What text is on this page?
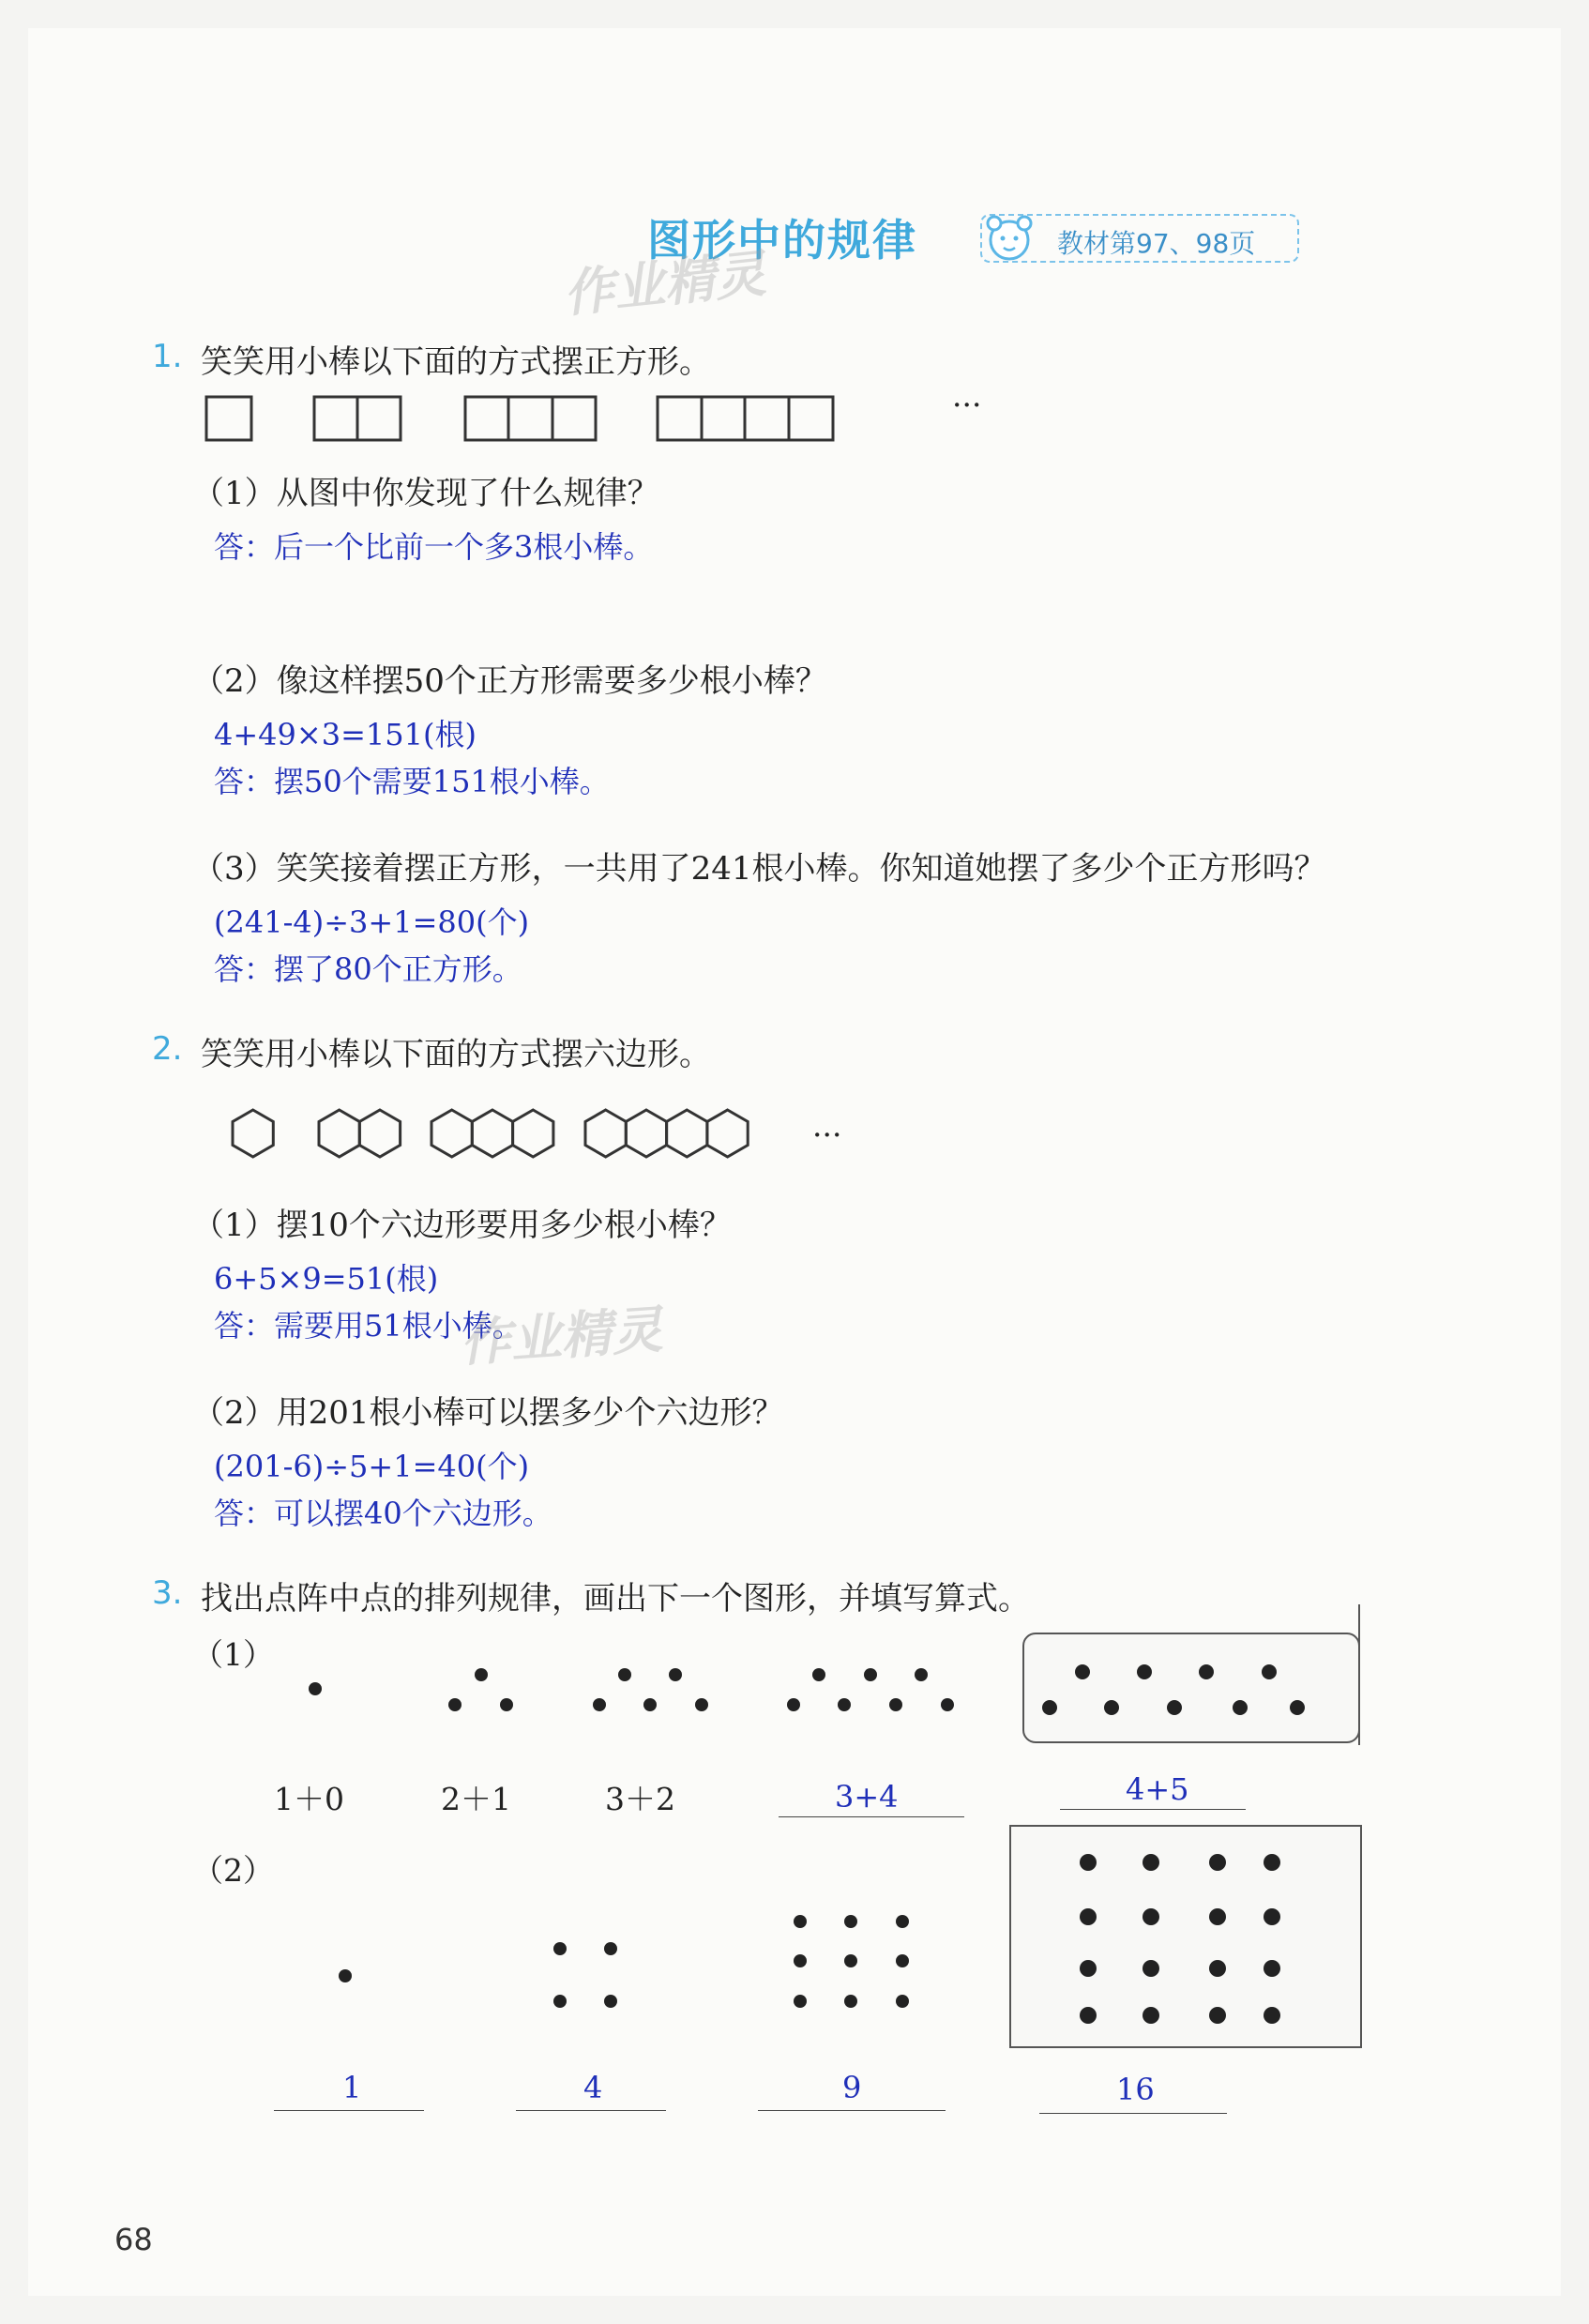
图形中的规律	教材第97、98页
作业精灵
1. 笑笑用小棒以下面的方式摆正方形。
···
（1）从图中你发现了什么规律？
答：后一个比前一个多3根小棒。
（2）像这样摆50个正方形需要多少根小棒？
4+49×3=151(根)
答：摆50个需要151根小棒。
（3）笑笑接着摆正方形，一共用了241根小棒。你知道她摆了多少个正方形吗？
(241-4)÷3+1=80(个)
答：摆了80个正方形。
2. 笑笑用小棒以下面的方式摆六边形。
···
（1）摆10个六边形要用多少根小棒？
6+5×9=51(根)
答：需要用51根小棒。
作业精灵
（2）用201根小棒可以摆多少个六边形？
(201-6)÷5+1=40(个)
答：可以摆40个六边形。
3. 找出点阵中点的排列规律，画出下一个图形，并填写算式。
（1）
1＋0	2＋1	3＋2	3+4	4+5
（2）
1	4	9	16
68
